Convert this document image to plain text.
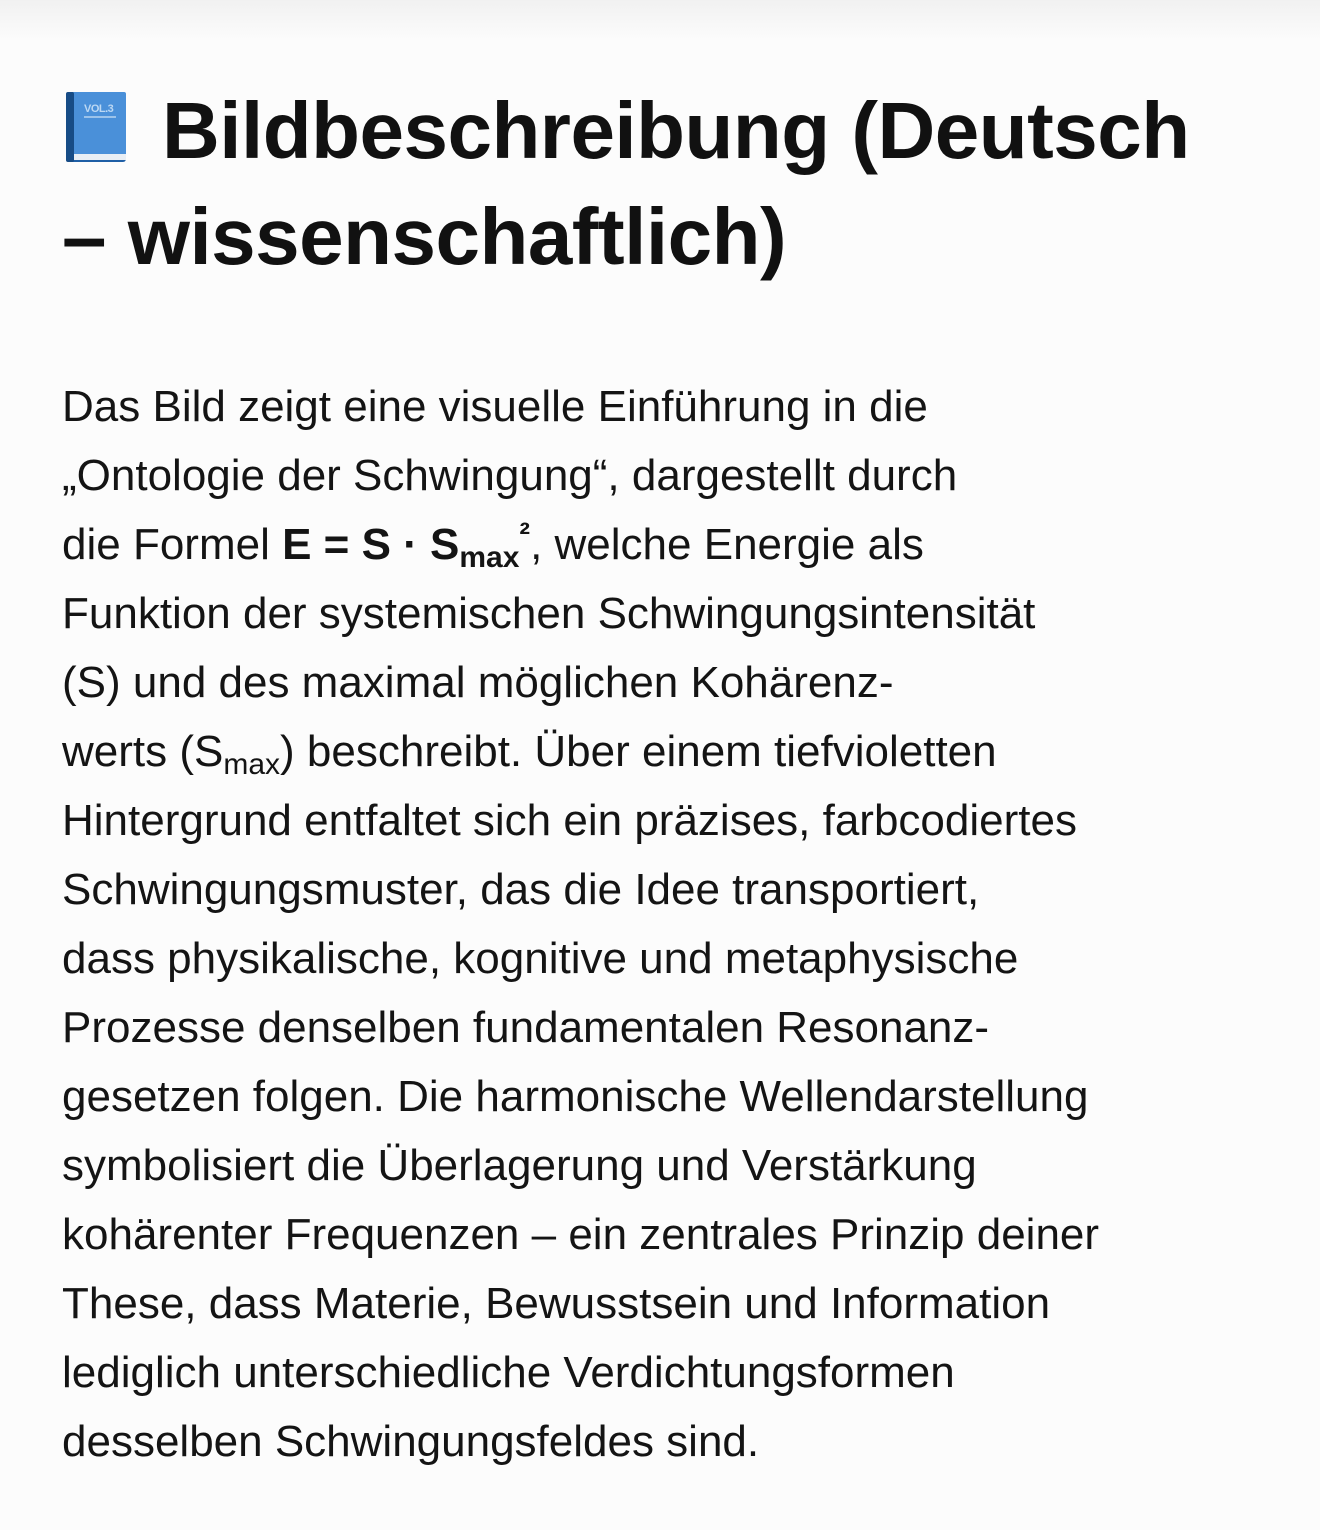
VOL.3 Bildbeschreibung (Deutsch
– wissenschaftlich)

Das Bild zeigt eine visuelle Einführung in die
„Ontologie der Schwingung“, dargestellt durch
die Formel $E = S \cdot S_{max}^{^2}$, welche Energie als
Funktion der systemischen Schwingungsintensität
(S) und des maximal möglichen Kohärenz-
werts $(S_{max})$ beschreibt. Über einem tiefvioletten
Hintergrund entfaltet sich ein präzises, farbcodiertes
Schwingungsmuster, das die Idee transportiert,
dass physikalische, kognitive und metaphysische
Prozesse denselben fundamentalen Resonanz-
gesetzen folgen. Die harmonische Wellendarstellung
symbolisiert die Überlagerung und Verstärkung
kohärenter Frequenzen – ein zentrales Prinzip deiner
These, dass Materie, Bewusstsein und Information
lediglich unterschiedliche Verdichtungsformen
desselben Schwingungsfeldes sind.
